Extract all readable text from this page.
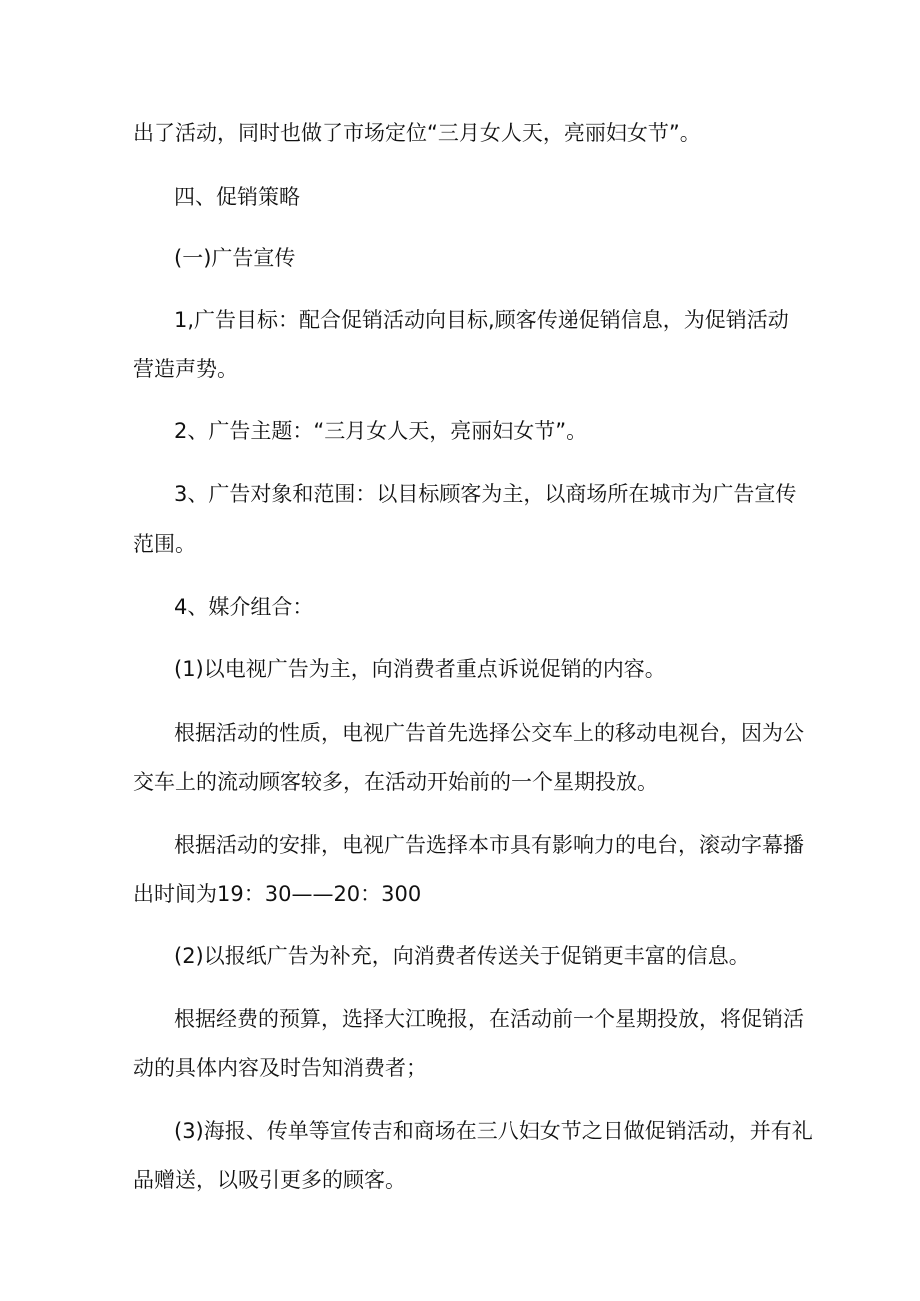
出了活动，同时也做了市场定位“三月女人天，亮丽妇女节”。
四、促销策略
(一)广告宣传
1,广告目标：配合促销活动向目标,顾客传递促销信息，为促销活动
营造声势。
2、广告主题：“三月女人天，亮丽妇女节”。
3、广告对象和范围：以目标顾客为主，以商场所在城市为广告宣传
范围。
4、媒介组合：
(1)以电视广告为主，向消费者重点诉说促销的内容。
根据活动的性质，电视广告首先选择公交车上的移动电视台，因为公
交车上的流动顾客较多，在活动开始前的一个星期投放。
根据活动的安排，电视广告选择本市具有影响力的电台，滚动字幕播
出时间为19：30——20：300
(2)以报纸广告为补充，向消费者传送关于促销更丰富的信息。
根据经费的预算，选择大江晚报，在活动前一个星期投放，将促销活
动的具体内容及时告知消费者；
(3)海报、传单等宣传吉和商场在三八妇女节之日做促销活动，并有礼
品赠送，以吸引更多的顾客。
